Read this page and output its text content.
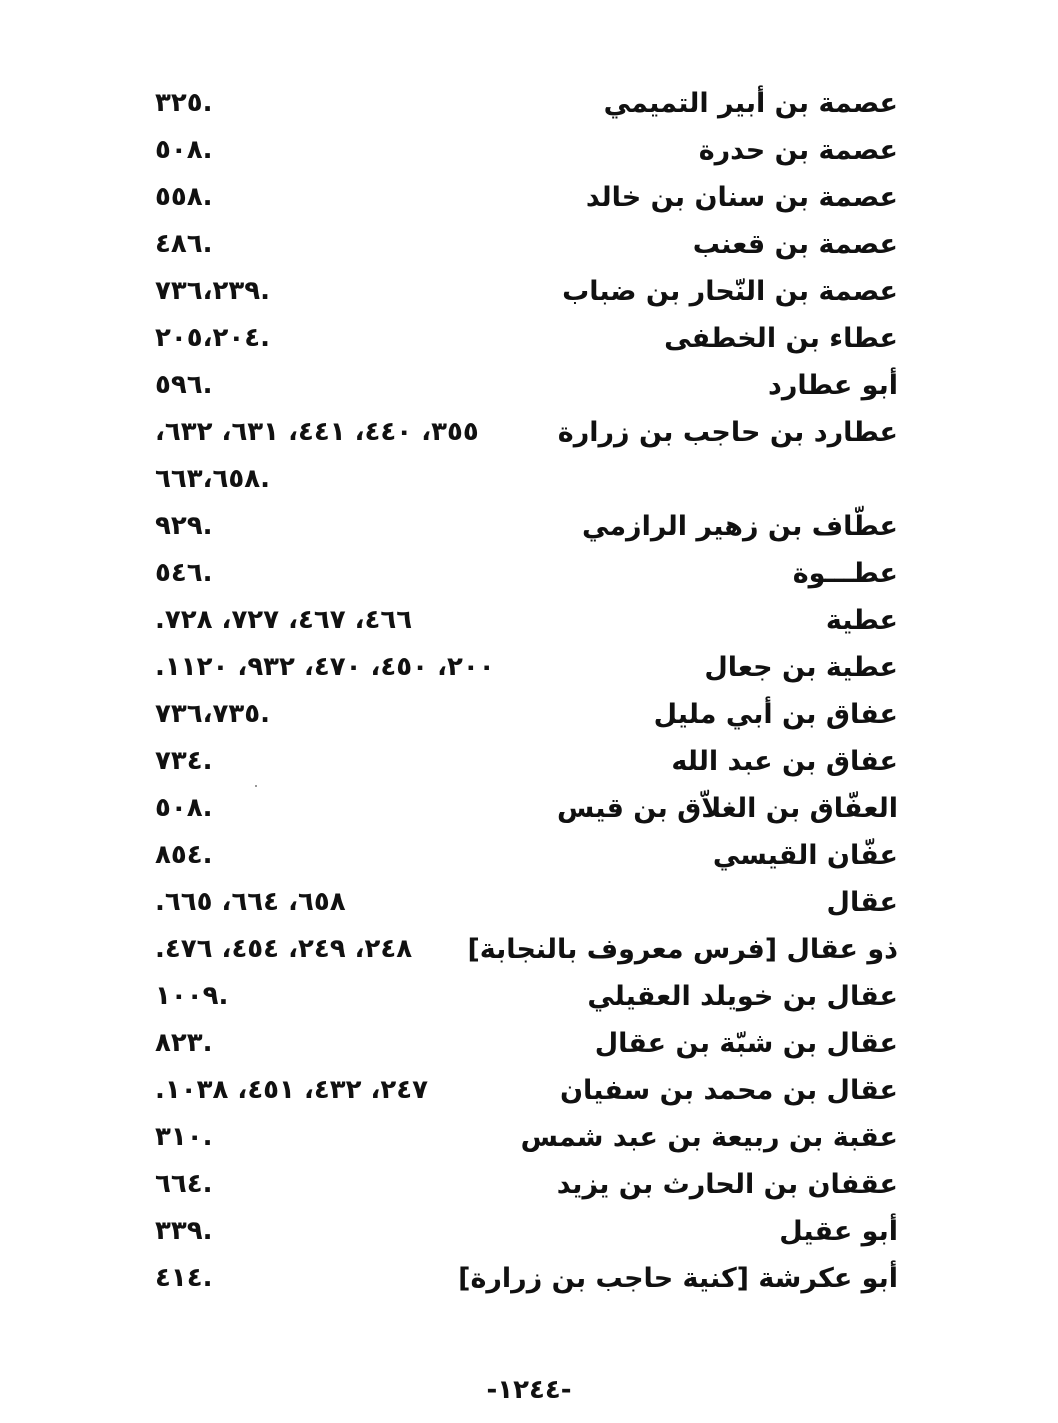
عصمة بن أبير التميمي
.٣٢٥
عصمة بن حدرة
.٥٠٨
عصمة بن سنان بن خالد
.٥٥٨
عصمة بن قعنب
.٤٨٦
عصمة بن النّحار بن ضباب
.٧٣٦،٢٣٩
عطاء بن الخطفى
.٢٠٥،٢٠٤
أبو عطارد
.٥٩٦
عطارد بن حاجب بن زرارة
٣٥٥، ٤٤٠، ٤٤١، ٦٣١، ٦٣٢،
.٦٦٣،٦٥٨
عطّاف بن زهير الرازمي
.٩٢٩
عطـــوة
.٥٤٦
عطية
٤٦٦، ٤٦٧، ٧٢٧، ٧٢٨.
عطية بن جعال
٢٠٠، ٤٥٠، ٤٧٠، ٩٣٢، ١١٢٠.
عفاق بن أبي مليل
.٧٣٦،٧٣٥
عفاق بن عبد الله
.٧٣٤
العفّاق بن الغلاّق بن قيس
.٥٠٨
عفّان القيسي
.٨٥٤
عقال
٦٥٨، ٦٦٤، ٦٦٥.
ذو عقال [فرس معروف بالنجابة]
٢٤٨، ٢٤٩، ٤٥٤، ٤٧٦.
عقال بن خويلد العقيلي
.١٠٠٩
عقال بن شبّة بن عقال
.٨٢٣
عقال بن محمد بن سفيان
٢٤٧، ٤٣٢، ٤٥١، ١٠٣٨.
عقبة بن ربيعة بن عبد شمس
.٣١٠
عقفان بن الحارث بن يزيد
.٦٦٤
أبو عقيل
.٣٣٩
أبو عكرشة [كنية حاجب بن زرارة]
.٤١٤
-١٢٤٤-
